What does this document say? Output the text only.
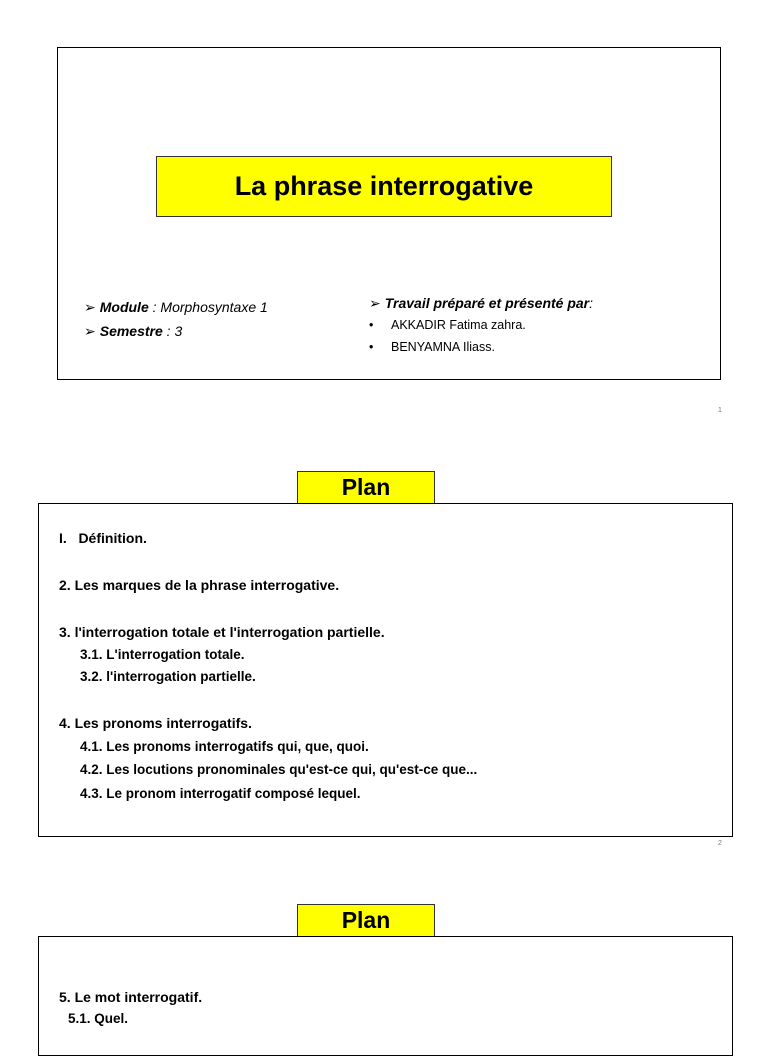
La phrase interrogative
➢ Module : Morphosyntaxe 1
➢ Semestre : 3
➢ Travail préparé et présenté par:
• AKKADIR Fatima zahra.
• BENYAMNA Iliass.
1
Plan
I.   Définition.
2. Les marques de la phrase interrogative.
3. l'interrogation totale et l'interrogation partielle.
3.1. L'interrogation totale.
3.2. l'interrogation partielle.
4. Les pronoms interrogatifs.
4.1. Les pronoms interrogatifs qui, que, quoi.
4.2. Les locutions pronominales qu'est-ce qui, qu'est-ce que...
4.3. Le pronom interrogatif composé lequel.
2
Plan
5. Le mot interrogatif.
5.1. Quel.
